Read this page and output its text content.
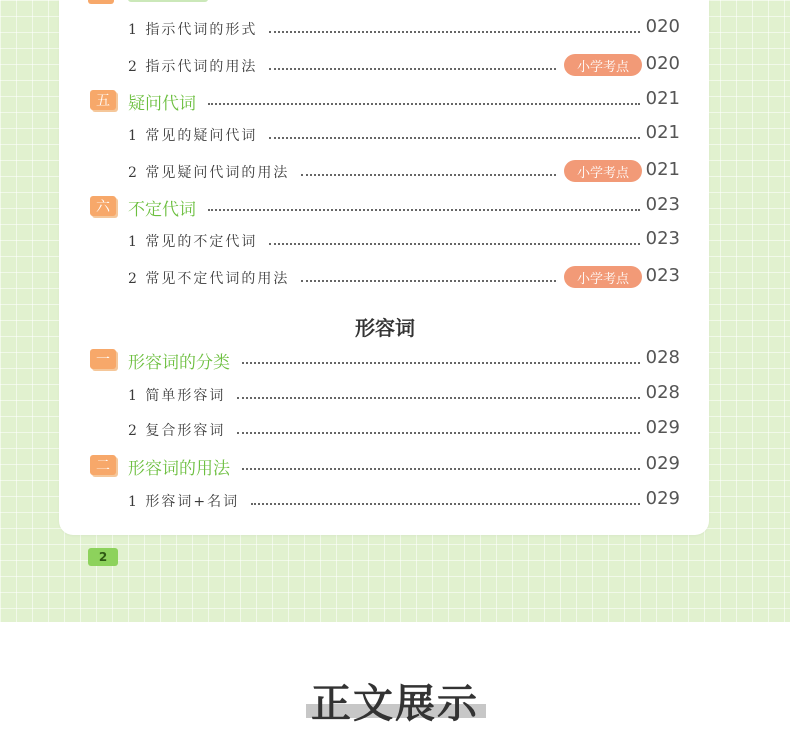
1 指示代词的形式	020
2 指示代词的用法	小学考点 020
五	疑问代词	021
1 常见的疑问代词	021
2 常见疑问代词的用法	小学考点 021
六	不定代词	023
1 常见的不定代词	023
2 常见不定代词的用法	小学考点 023
一	形容词的分类	028
1 简单形容词	028
2 复合形容词	029
二	形容词的用法	029
1 形容词+名词	029
形容词
2
正文展示
